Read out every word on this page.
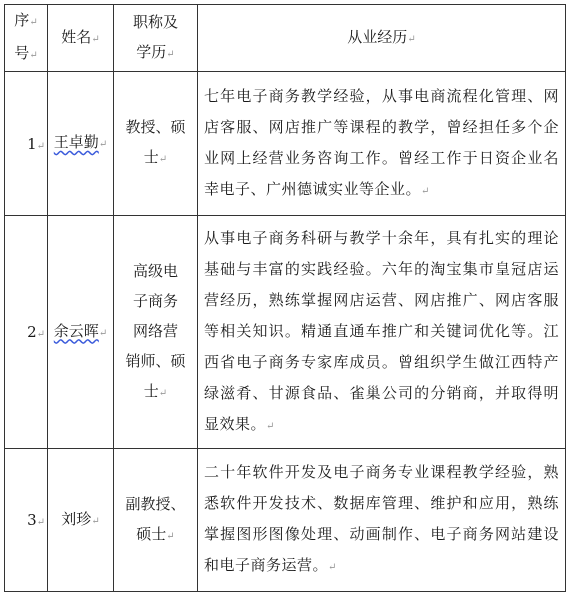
序↵
号↵	姓名↵	职称及
学历↵	从业经历↵
1↵	王卓勤↵	教授、硕
士↵	七年电子商务教学经验，从事电商流程化管理、网店客服、网店推广等课程的教学，曾经担任多个企业网上经营业务咨询工作。曾经工作于日资企业名幸电子、广州德诚实业等企业。↵
2↵	余云晖↵	高级电
子商务
网络营
销师、硕
士↵	从事电子商务科研与教学十余年，具有扎实的理论基础与丰富的实践经验。六年的淘宝集市皇冠店运营经历，熟练掌握网店运营、网店推广、网店客服等相关知识。精通直通车推广和关键词优化等。江西省电子商务专家库成员。曾组织学生做江西特产绿滋肴、甘源食品、雀巢公司的分销商，并取得明显效果。↵
3↵	刘珍↵	副教授、
硕士↵	二十年软件开发及电子商务专业课程教学经验，熟悉软件开发技术、数据库管理、维护和应用，熟练掌握图形图像处理、动画制作、电子商务网站建设和电子商务运营。↵
